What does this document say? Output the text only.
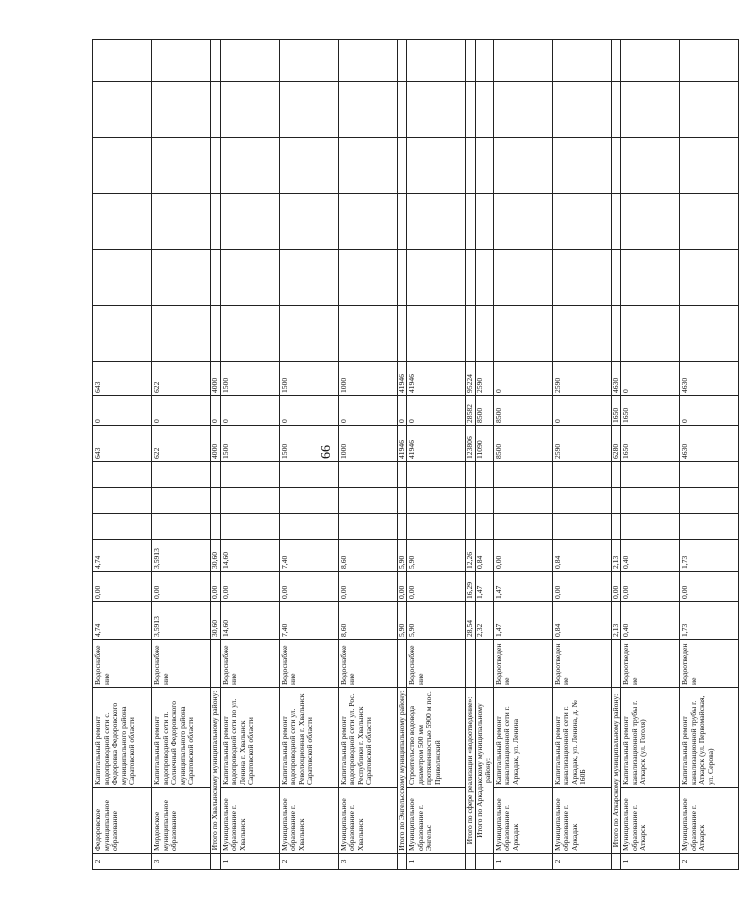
66
2	Федоровское муниципальное образование	Капитальный ремонт водопроводной сети с. Федоровка Федоровского муниципального района Саратовской области	Водоснабжение	4,74	0,00	4,74				643	0	643						
3	Мордовское муниципальное образование	Капитальный ремонт водопроводной сети п. Солнечный Федоровского муниципального района Саратовской области	Водоснабжение	3,5913	0,00	3,5913				622	0	622						
	Итого по Хвалынскому муниципальному району:			30,60	0,00	30,60				4000	0	4000						
1	Муниципальное образование г. Хвалынск	Капитальный ремонт водопроводной сети по ул. Ленина г. Хвалынск Саратовской области	Водоснабжение	14,60	0,00	14,60				1500	0	1500						
2	Муниципальное образование г. Хвалынск	Капитальный ремонт водопроводной сети ул. Революционная г. Хвалынск Саратовской области	Водоснабжение	7,40	0,00	7,40				1500	0	1500						
3	Муниципальное образование г. Хвалынск	Капитальный ремонт водопроводной сети ул. Рос. Республики г. Хвалынск Саратовской области	Водоснабжение	8,60	0,00	8,60				1000	0	1000						
	Итого по Энгельсскому муниципальному району:			5,90	0,00	5,90				41946	0	41946						
1	Муниципальное образование г. Энгельс	Строительство водовода диаметром 500 мм протяженностью 5900 м пос. Приволжский	Водоснабжение	5,90	0,00	5,90				41946	0	41946						
	Итого по сфере реализации «водоотведение»:			28,54	16,29	12,26				123806	28582	95224						
	Итого по Аркадакскому муниципальному району:			2,32	1,47	0,84				11090	8500	2590						
1	Муниципальное образование г. Аркадак	Капитальный ремонт канализационной сети г. Аркадак, ул. Ленина	Водоотведение	1,47	1,47	0,00				8500	8500	0						
2	Муниципальное образование г. Аркадак	Капитальный ремонт канализационной сети г. Аркадак, ул. Ленина, д. № 160Б	Водоотведение	0,84	0,00	0,84				2590	0	2590						
	Итого по Аткарскому муниципальному району:			2,13	0,00	2,13				6280	1650	4630						
1	Муниципальное образование г. Аткарск	Капитальный ремонт канализационной трубы г. Аткарск (ул. Гоголя)	Водоотведение	0,40	0,00	0,40				1650	1650	0						
2	Муниципальное образование г. Аткарск	Капитальный ремонт канализационной трубы г. Аткарск (ул. Первомайская, ул. Серова)	Водоотведение	1,73	0,00	1,73				4630	0	4630						
